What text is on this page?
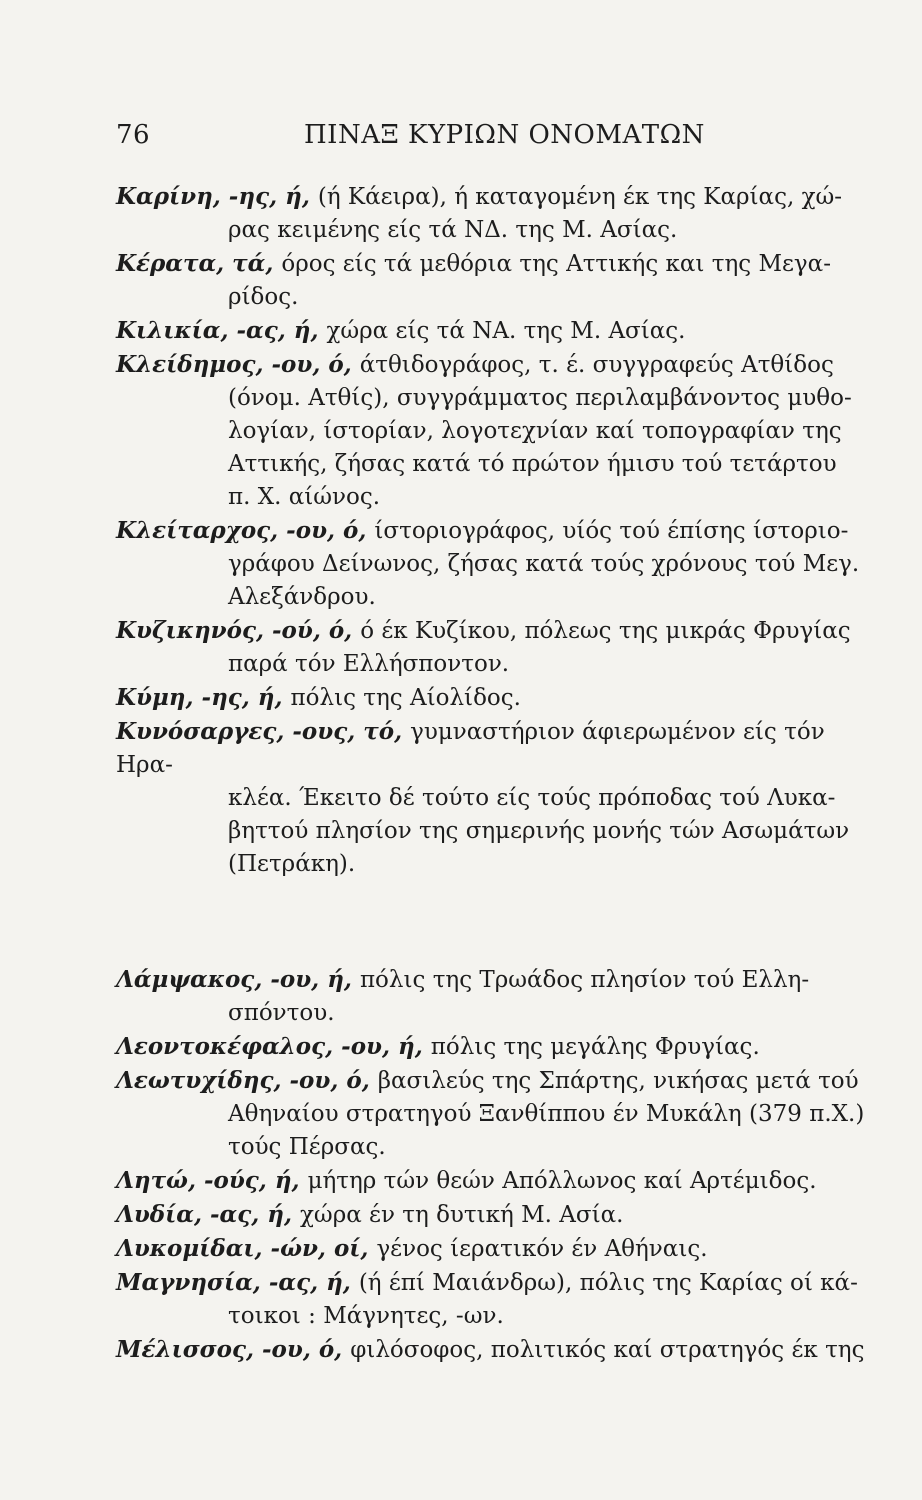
76	ΠΙΝΑΞ ΚΥΡΙΩΝ ΟΝΟΜΑΤΩΝ

Καρίνη, -ης, ή, (ή Κάειρα), ή καταγομένη έκ της Καρίας, χώ-

ρας κειμένης είς τά ΝΔ. της Μ. Ασίας.

Κέρατα, τά, όρος είς τά μεθόρια της Αττικής και της Μεγα-

ρίδος.

Κιλικία, -ας, ή, χώρα είς τά ΝΑ. της Μ. Ασίας.

Κλείδημος, -ου, ό, άτθιδογράφος, τ. έ. συγγραφεύς Ατθίδος

(όνομ. Ατθίς), συγγράμματος περιλαμβάνοντος μυθο-

λογίαν, ίστορίαν, λογοτεχνίαν καί τοπογραφίαν της

Αττικής, ζήσας κατά τό πρώτον ήμισυ τού τετάρτου

π. Χ. αίώνος.

Κλείταρχος, -ου, ό, ίστοριογράφος, υίός τού έπίσης ίστοριο-

γράφου Δείνωνος, ζήσας κατά τούς χρόνους τού Μεγ.

Αλεξάνδρου.

Κυζικηνός, -ού, ό, ό έκ Κυζίκου, πόλεως της μικράς Φρυγίας

παρά τόν Ελλήσποντον.

Κύμη, -ης, ή, πόλις της Αίολίδος.

Κυνόσαργες, -ους, τό, γυμναστήριον άφιερωμένον είς τόν Ηρα-

κλέα. Έκειτο δέ τούτο είς τούς πρόποδας τού Λυκα-

βηττού πλησίον της σημερινής μονής τών Ασωμάτων

(Πετράκη).

Λάμψακος, -ου, ή, πόλις της Τρωάδος πλησίον τού Ελλη-

σπόντου.

Λεοντοκέφαλος, -ου, ή, πόλις της μεγάλης Φρυγίας.

Λεωτυχίδης, -ου, ό, βασιλεύς της Σπάρτης, νικήσας μετά τού

Αθηναίου στρατηγού Ξανθίππου έν Μυκάλη (379 π.Χ.)

τούς Πέρσας.

Λητώ, -ούς, ή, μήτηρ τών θεών Απόλλωνος καί Αρτέμιδος.

Λυδία, -ας, ή, χώρα έν τη δυτική Μ. Ασία.

Λυκομίδαι, -ών, οί, γένος ίερατικόν έν Αθήναις.

Μαγνησία, -ας, ή, (ή έπί Μαιάνδρω), πόλις της Καρίας οί κά-

τοικοι : Μάγνητες, -ων.

Μέλισσος, -ου, ό, φιλόσοφος, πολιτικός καί στρατηγός έκ της
